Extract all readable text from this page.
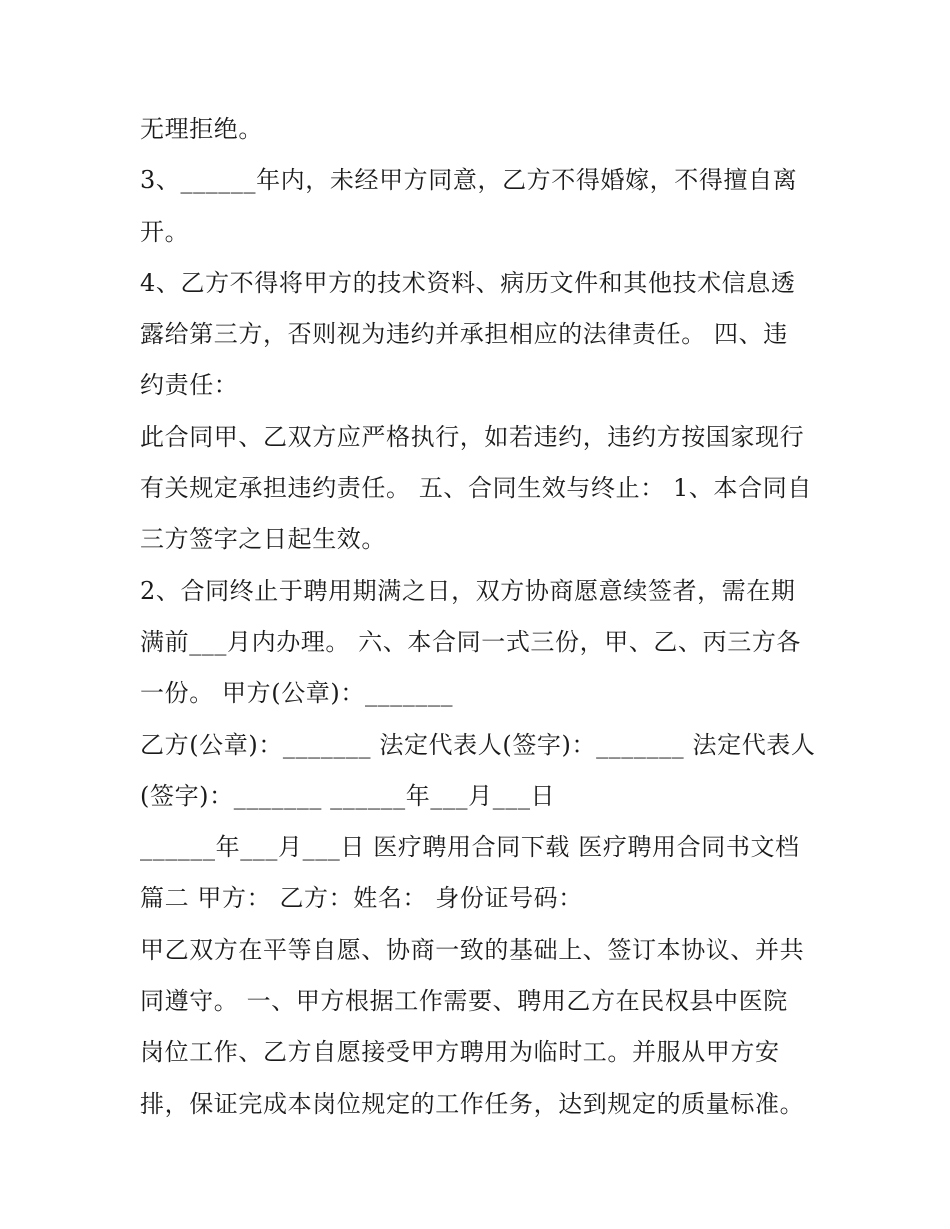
无理拒绝。
3、______年内，未经甲方同意，乙方不得婚嫁，不得擅自离
开。
4、乙方不得将甲方的技术资料、病历文件和其他技术信息透
露给第三方，否则视为违约并承担相应的法律责任。 四、违
约责任：
此合同甲、乙双方应严格执行，如若违约，违约方按国家现行
有关规定承担违约责任。 五、合同生效与终止： 1、本合同自
三方签字之日起生效。
2、合同终止于聘用期满之日，双方协商愿意续签者，需在期
满前___月内办理。 六、本合同一式三份，甲、乙、丙三方各
一份。 甲方(公章)：_______
乙方(公章)：_______ 法定代表人(签字)：_______ 法定代表人
(签字)：_______ ______年___月___日
______年___月___日 医疗聘用合同下载 医疗聘用合同书文档
篇二 甲方： 乙方：姓名： 身份证号码：
甲乙双方在平等自愿、协商一致的基础上、签订本协议、并共
同遵守。 一、甲方根据工作需要、聘用乙方在民权县中医院
岗位工作、乙方自愿接受甲方聘用为临时工。并服从甲方安
排，保证完成本岗位规定的工作任务，达到规定的质量标准。
